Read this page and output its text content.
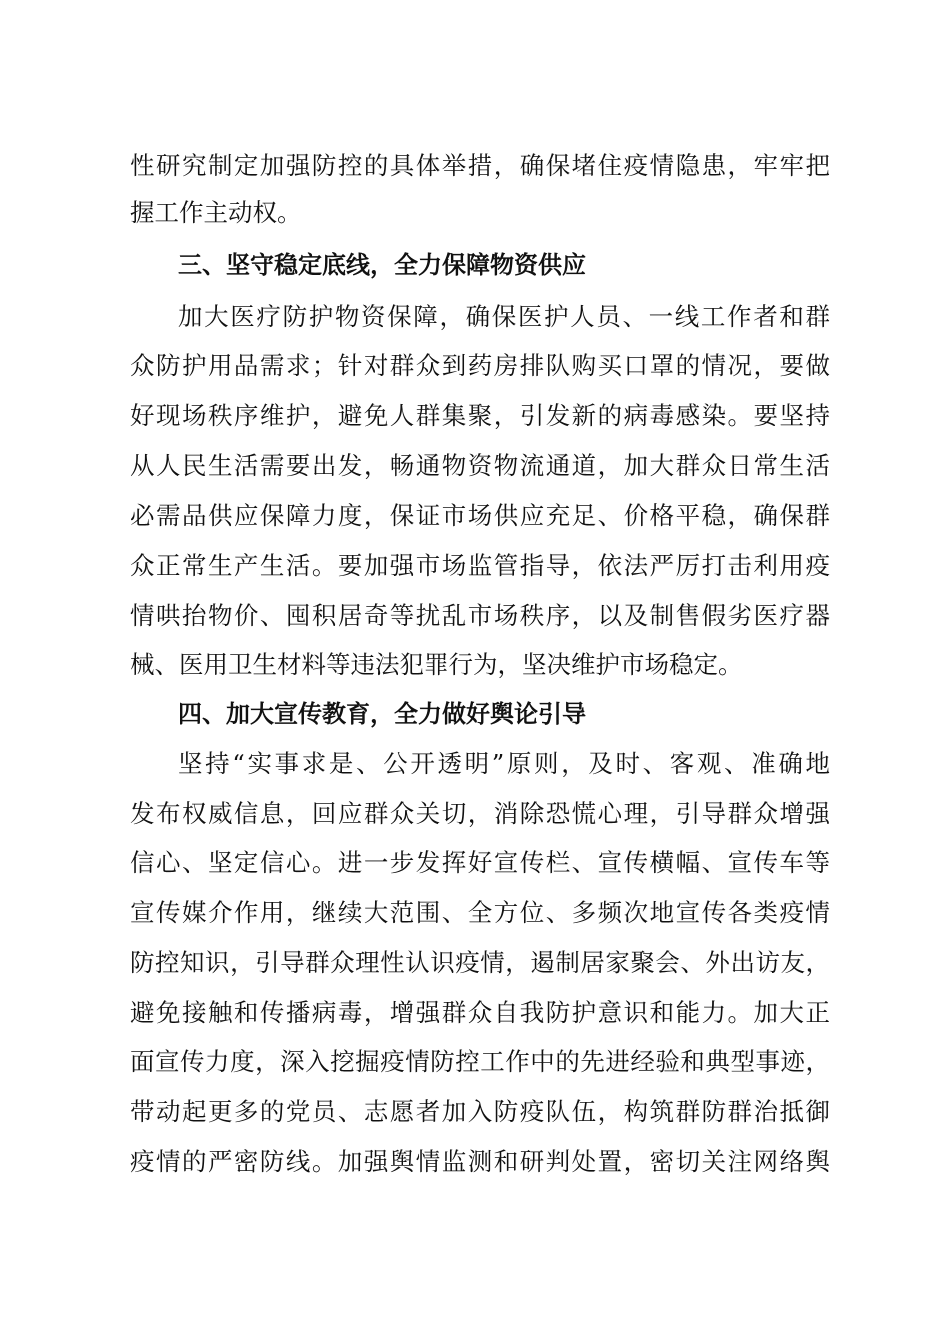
性研究制定加强防控的具体举措，确保堵住疫情隐患，牢牢把
握工作主动权。
三、坚守稳定底线，全力保障物资供应
加大医疗防护物资保障，确保医护人员、一线工作者和群
众防护用品需求；针对群众到药房排队购买口罩的情况，要做
好现场秩序维护，避免人群集聚，引发新的病毒感染。要坚持
从人民生活需要出发，畅通物资物流通道，加大群众日常生活
必需品供应保障力度，保证市场供应充足、价格平稳，确保群
众正常生产生活。要加强市场监管指导，依法严厉打击利用疫
情哄抬物价、囤积居奇等扰乱市场秩序，以及制售假劣医疗器
械、医用卫生材料等违法犯罪行为，坚决维护市场稳定。
四、加大宣传教育，全力做好舆论引导
坚持“实事求是、公开透明”原则，及时、客观、准确地
发布权威信息，回应群众关切，消除恐慌心理，引导群众增强
信心、坚定信心。进一步发挥好宣传栏、宣传横幅、宣传车等
宣传媒介作用，继续大范围、全方位、多频次地宣传各类疫情
防控知识，引导群众理性认识疫情，遏制居家聚会、外出访友，
避免接触和传播病毒，增强群众自我防护意识和能力。加大正
面宣传力度，深入挖掘疫情防控工作中的先进经验和典型事迹，
带动起更多的党员、志愿者加入防疫队伍，构筑群防群治抵御
疫情的严密防线。加强舆情监测和研判处置，密切关注网络舆
